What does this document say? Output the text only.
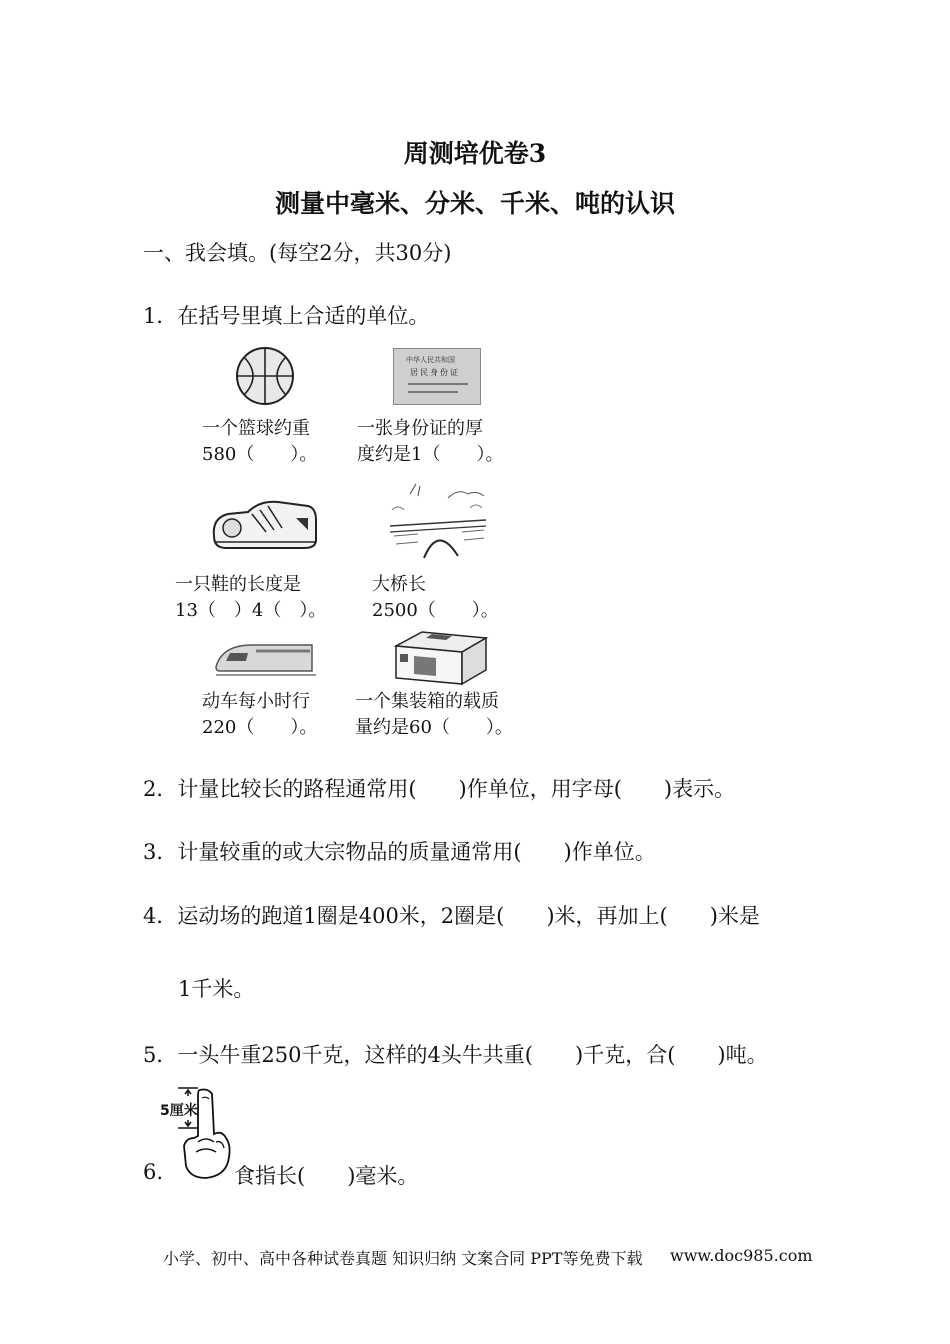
周测培优卷3
测量中毫米、分米、千米、吨的认识
一、我会填。(每空2分，共30分)
1．在括号里填上合适的单位。
一个篮球约重
580（　　）。
中华人民共和国
居民身份证
一张身份证的厚
度约是1（　　）。
一只鞋的长度是
13（　）4（　）。
大桥长
2500（　　）。
动车每小时行
220（　　）。
一个集装箱的载质
量约是60（　　）。
2．计量比较长的路程通常用(　　)作单位，用字母(　　)表示。
3．计量较重的或大宗物品的质量通常用(　　)作单位。
4．运动场的跑道1圈是400米，2圈是(　　)米，再加上(　　)米是
1千米。
5．一头牛重250千克，这样的4头牛共重(　　)千克，合(　　)吨。
5厘米
6.	食指长(　　)毫米。
小学、初中、高中各种试卷真题 知识归纳 文案合同 PPT等免费下载 www.doc985.com
